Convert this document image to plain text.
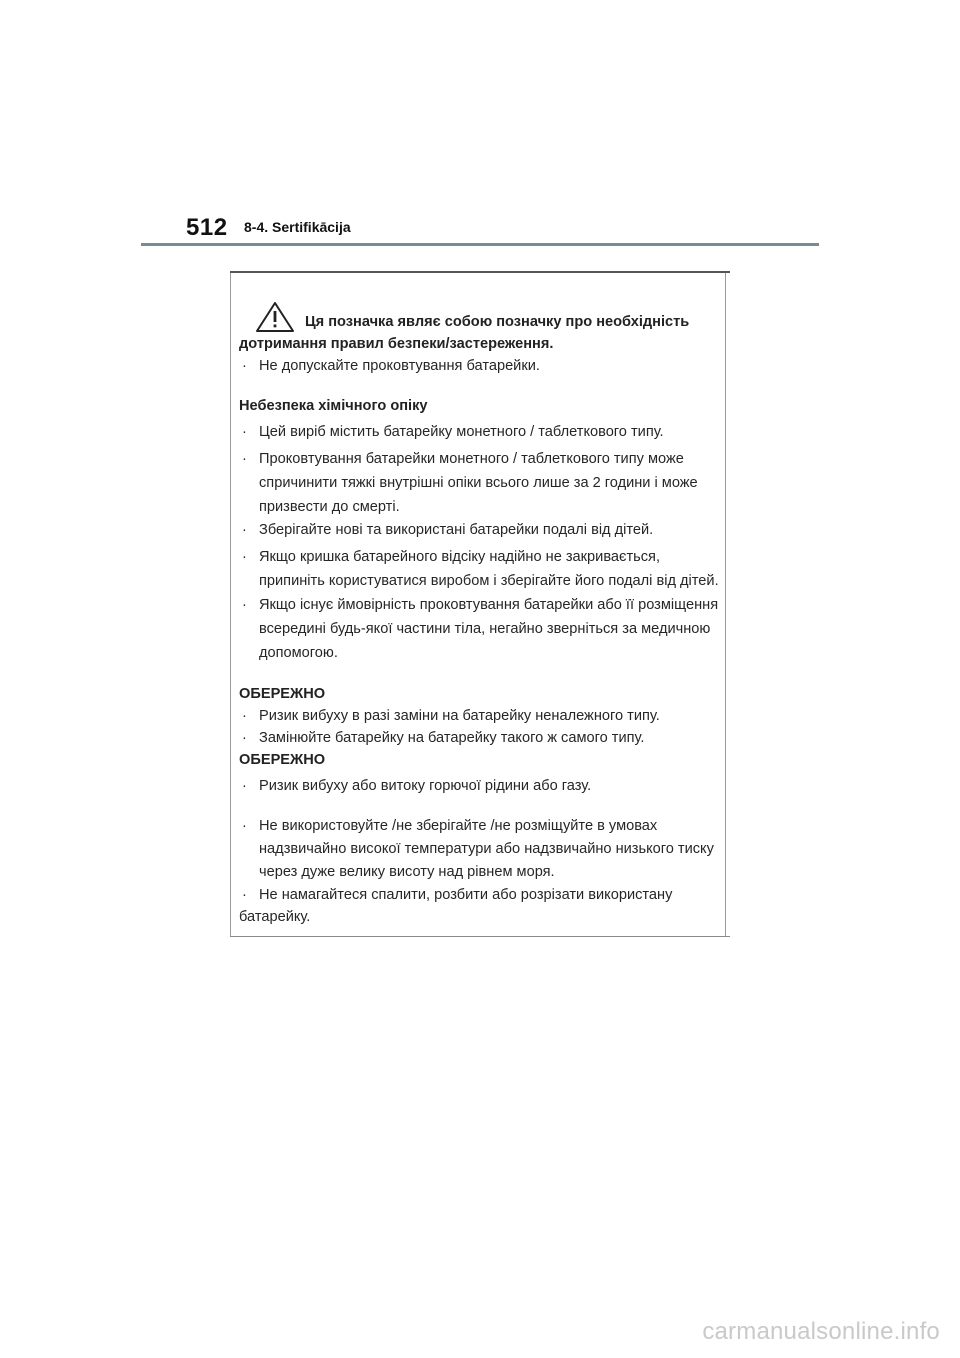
512 8-4. Sertifikācija
Ця позначка являє собою позначку про необхідність
дотримання правил безпеки/застереження.
· Не допускайте проковтування батарейки.
Небезпека хімічного опіку
· Цей виріб містить батарейку монетного / таблеткового типу.
· Проковтування батарейки монетного / таблеткового типу може спричинити тяжкі внутрішні опіки всього лише за 2 години і може призвести до смерті.
· Зберігайте нові та використані батарейки подалі від дітей.
· Якщо кришка батарейного відсіку надійно не закривається, припиніть користуватися виробом і зберігайте його подалі від дітей.
· Якщо існує ймовірність проковтування батарейки або її розміщення всередині будь-якої частини тіла, негайно зверніться за медичною допомогою.
ОБЕРЕЖНО
· Ризик вибуху в разі заміни на батарейку неналежного типу.
· Замінюйте батарейку на батарейку такого ж самого типу.
ОБЕРЕЖНО
· Ризик вибуху або витоку горючої рідини або газу.
· Не використовуйте /не зберігайте /не розміщуйте в умовах надзвичайно високої температури або надзвичайно низького тиску через дуже велику висоту над рівнем моря.
· Не намагайтеся спалити, розбити або розрізати використану
батарейку.
carmanualsonline.info
